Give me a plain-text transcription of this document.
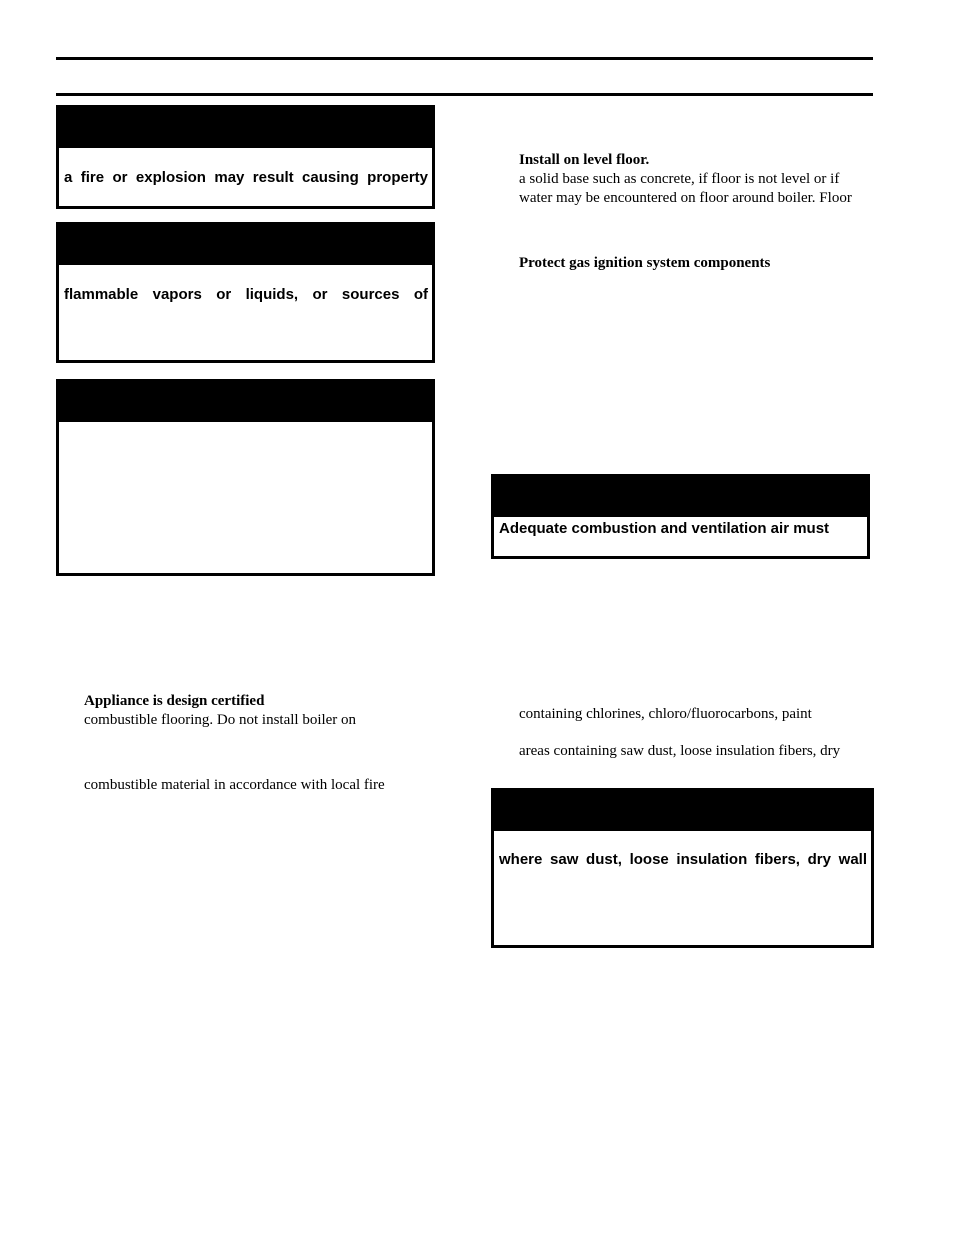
a fire or explosion may result causing property
flammable vapors or liquids, or sources of
Appliance is design certified
combustible flooring. Do not install boiler on
combustible material in accordance with local fire
Install on level floor.
a solid base such as concrete, if floor is not level or if
water may be encountered on floor around boiler. Floor
Protect gas ignition system components
Adequate combustion and ventilation air must
containing chlorines, chloro/fluorocarbons, paint
areas containing saw dust, loose insulation fibers, dry
where saw dust, loose insulation fibers, dry wall
